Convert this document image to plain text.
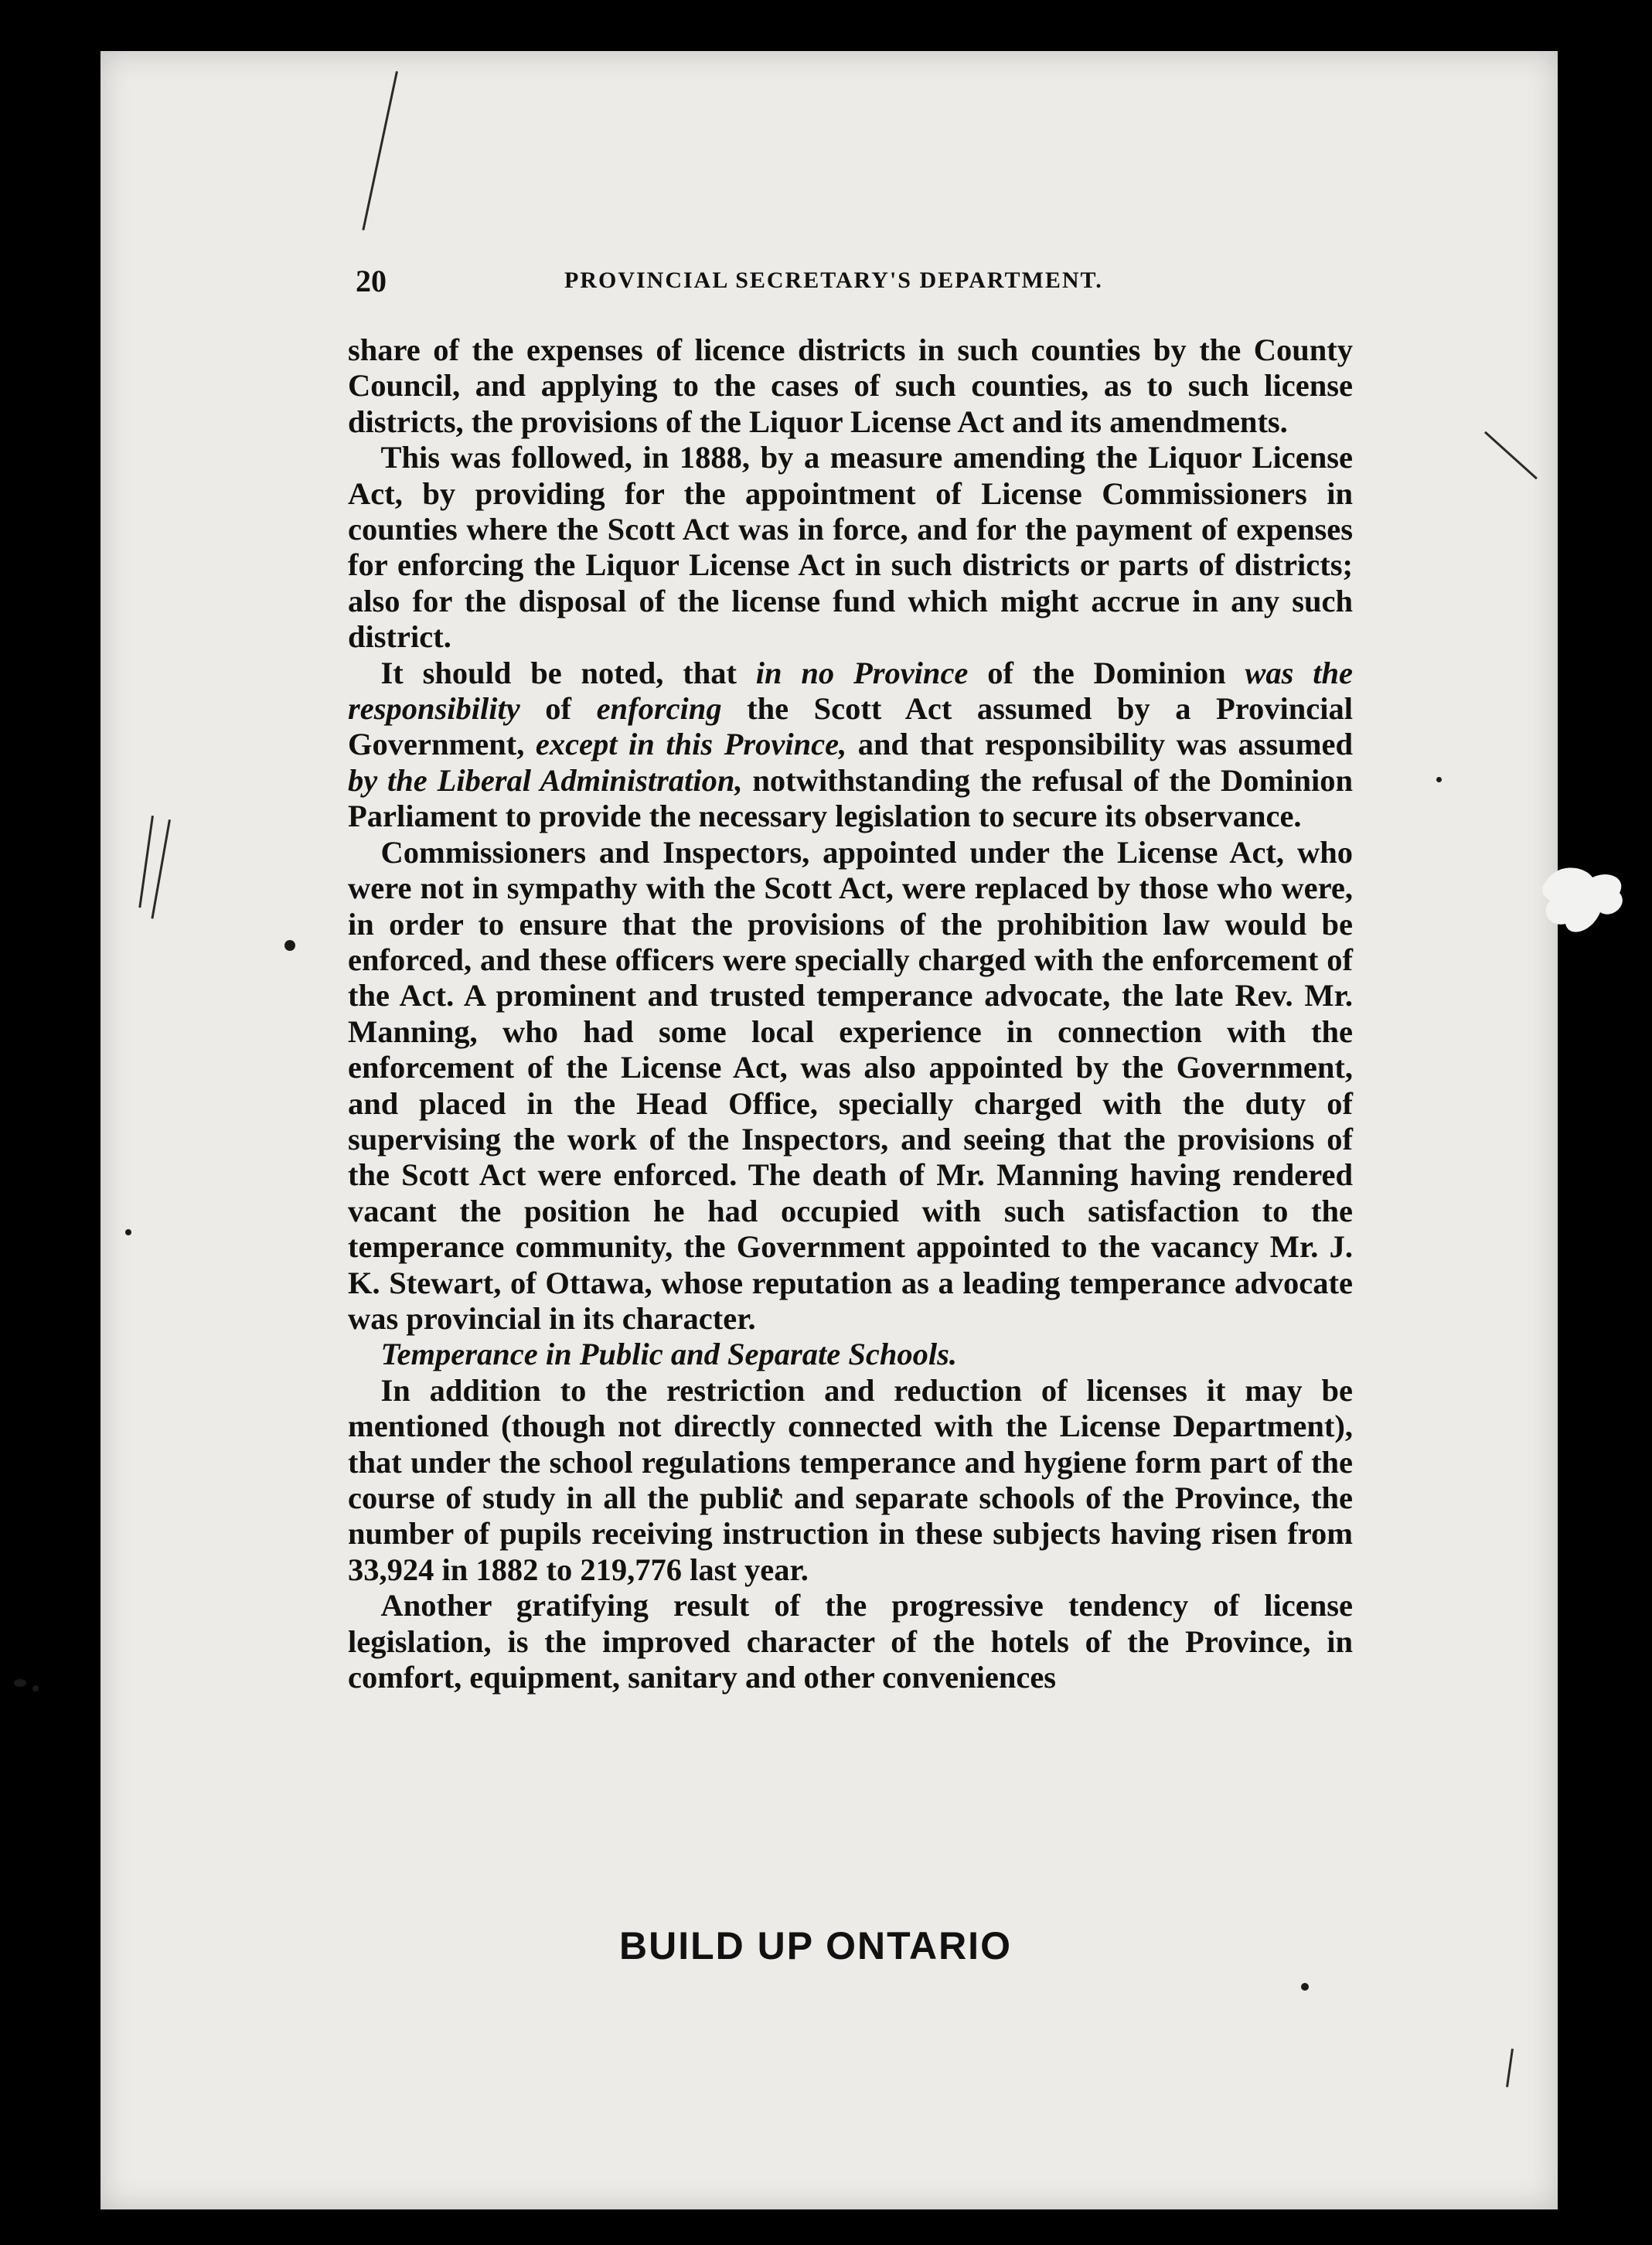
20	PROVINCIAL SECRETARY'S DEPARTMENT.

share of the expenses of licence districts in such counties by the County Council, and applying to the cases of such counties, as to such license districts, the provisions of the Liquor License Act and its amendments.

This was followed, in 1888, by a measure amending the Liquor License Act, by providing for the appointment of License Commissioners in counties where the Scott Act was in force, and for the payment of expenses for enforcing the Liquor License Act in such districts or parts of districts; also for the disposal of the license fund which might accrue in any such district.

It should be noted, that in no Province of the Dominion was the responsibility of enforcing the Scott Act assumed by a Provincial Government, except in this Province, and that responsibility was assumed by the Liberal Administration, notwithstanding the refusal of the Dominion Parliament to provide the necessary legislation to secure its observance.

Commissioners and Inspectors, appointed under the License Act, who were not in sympathy with the Scott Act, were replaced by those who were, in order to ensure that the provisions of the prohibition law would be enforced, and these officers were specially charged with the enforcement of the Act. A prominent and trusted temperance advocate, the late Rev. Mr. Manning, who had some local experience in connection with the enforcement of the License Act, was also appointed by the Government, and placed in the Head Office, specially charged with the duty of supervising the work of the Inspectors, and seeing that the provisions of the Scott Act were enforced. The death of Mr. Manning having rendered vacant the position he had occupied with such satisfaction to the temperance community, the Government appointed to the vacancy Mr. J. K. Stewart, of Ottawa, whose reputation as a leading temperance advocate was provincial in its character.

Temperance in Public and Separate Schools.

In addition to the restriction and reduction of licenses it may be mentioned (though not directly connected with the License Department), that under the school regulations temperance and hygiene form part of the course of study in all the public and separate schools of the Province, the number of pupils receiving instruction in these subjects having risen from 33,924 in 1882 to 219,776 last year.

Another gratifying result of the progressive tendency of license legislation, is the improved character of the hotels of the Province, in comfort, equipment, sanitary and other conveniences

BUILD UP ONTARIO
